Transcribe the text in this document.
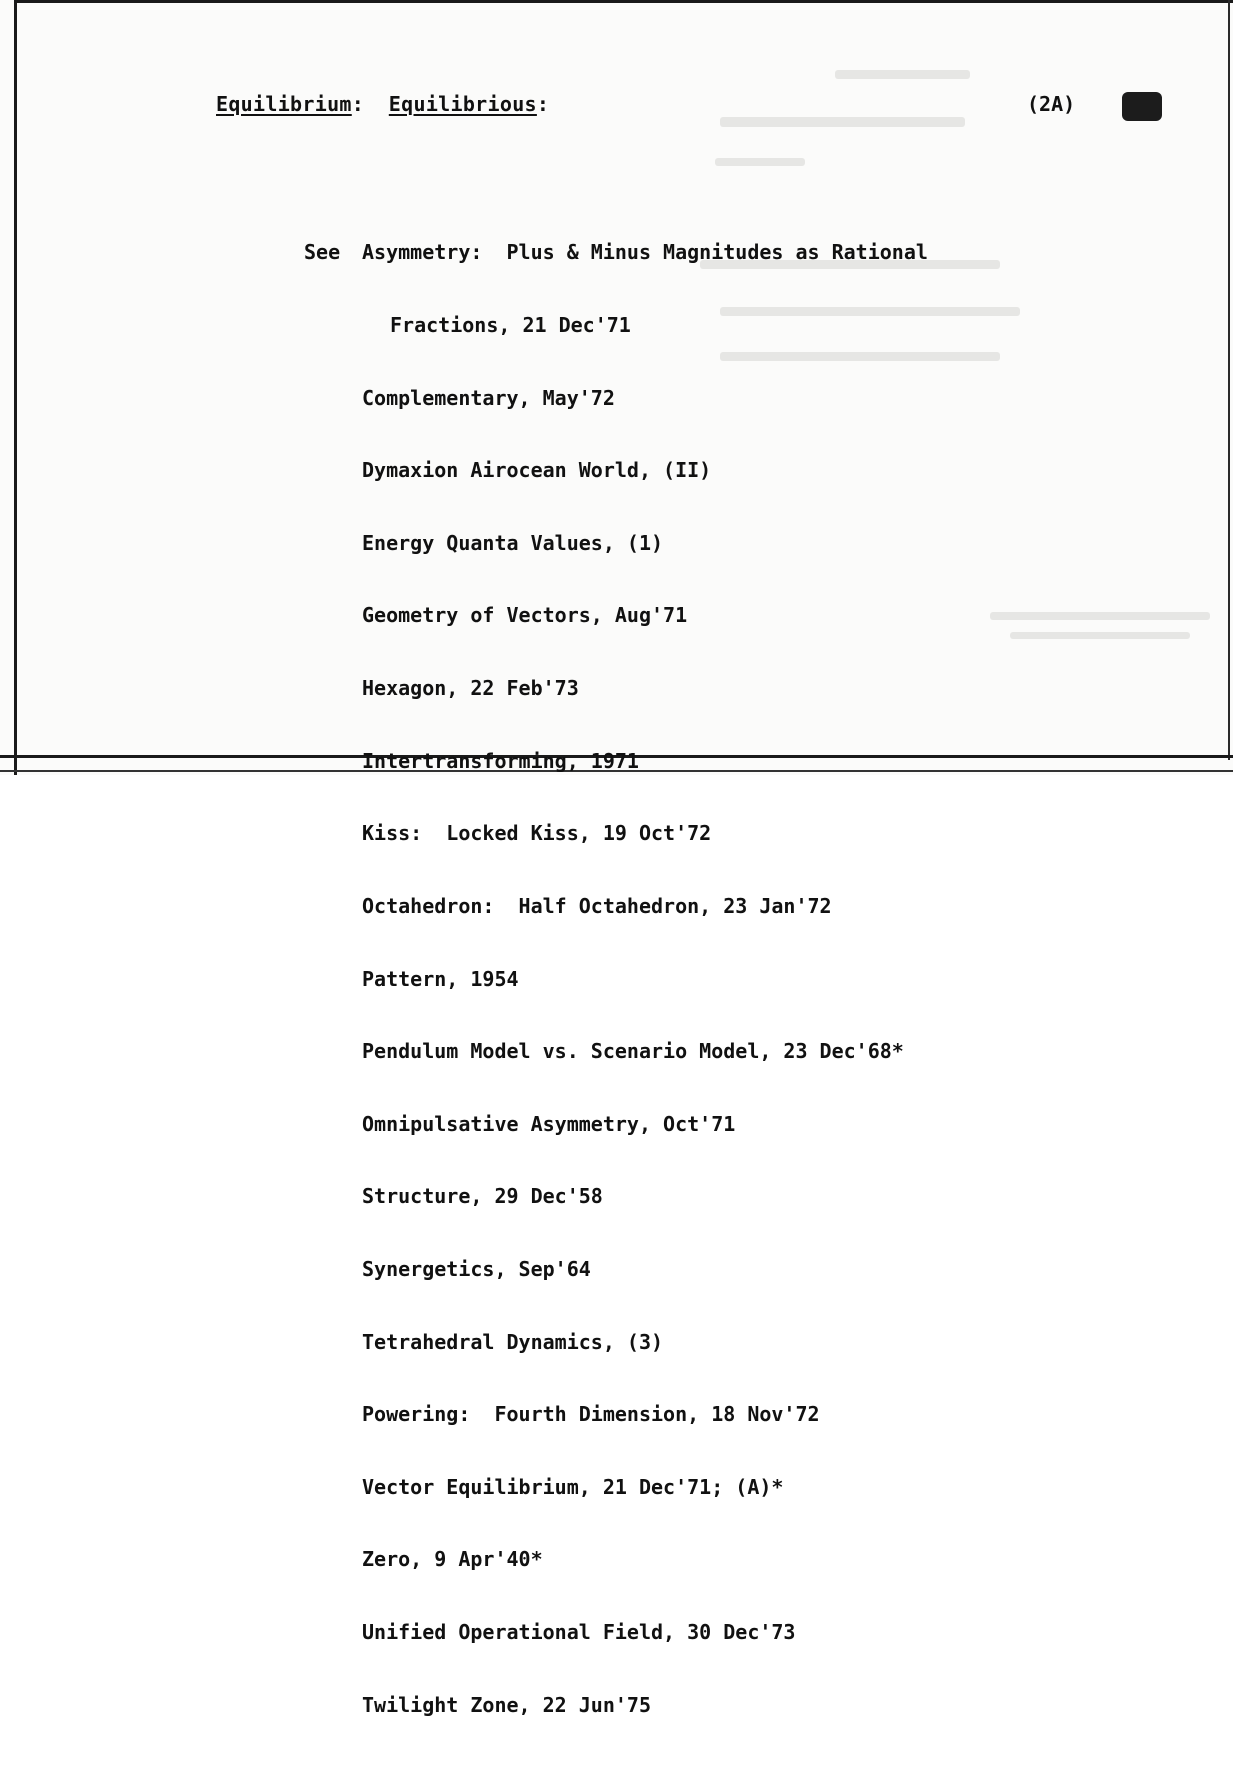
Equilibrium:  Equilibrious:	(2A)

See Asymmetry:  Plus & Minus Magnitudes as Rational

Fractions, 21 Dec'71

Complementary, May'72

Dymaxion Airocean World, (II)

Energy Quanta Values, (1)

Geometry of Vectors, Aug'71

Hexagon, 22 Feb'73

Intertransforming, 1971

Kiss:  Locked Kiss, 19 Oct'72

Octahedron:  Half Octahedron, 23 Jan'72

Pattern, 1954

Pendulum Model vs. Scenario Model, 23 Dec'68*

Omnipulsative Asymmetry, Oct'71

Structure, 29 Dec'58

Synergetics, Sep'64

Tetrahedral Dynamics, (3)

Powering:  Fourth Dimension, 18 Nov'72

Vector Equilibrium, 21 Dec'71; (A)*

Zero, 9 Apr'40*

Unified Operational Field, 30 Dec'73

Twilight Zone, 22 Jun'75
